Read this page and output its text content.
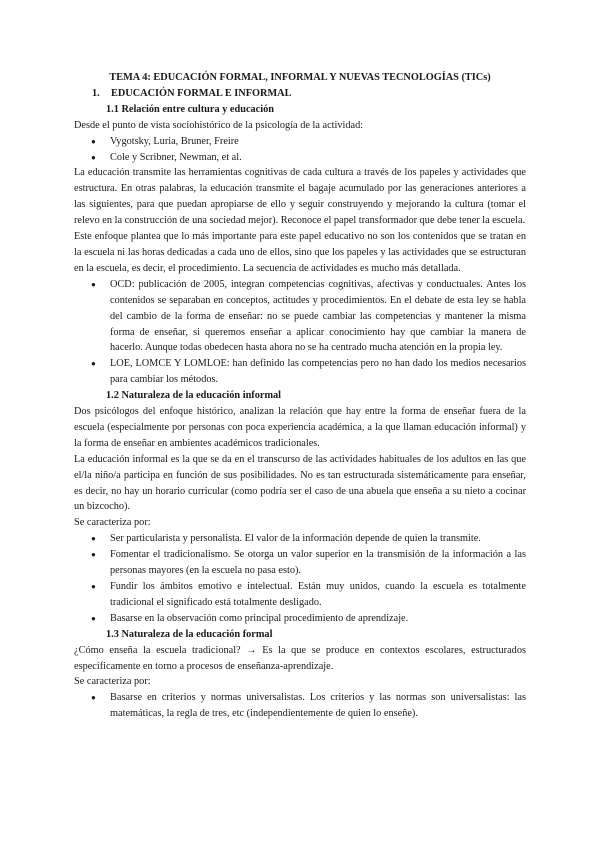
TEMA 4: EDUCACIÓN FORMAL, INFORMAL Y NUEVAS TECNOLOGÍAS (TICs)

1. EDUCACIÓN FORMAL E INFORMAL

1.1 Relación entre cultura y educación

Desde el punto de vista sociohistórico de la psicología de la actividad:

● Vygotsky, Luria, Bruner, Freire
● Cole y Scribner, Newman, et al.

La educación transmite las herramientas cognitivas de cada cultura a través de los papeles y actividades que estructura. En otras palabras, la educación transmite el bagaje acumulado por las generaciones anteriores a las siguientes, para que puedan apropiarse de ello y seguir construyendo y mejorando la cultura (tomar el relevo en la construcción de una sociedad mejor). Reconoce el papel transformador que debe tener la escuela.

Este enfoque plantea que lo más importante para este papel educativo no son los contenidos que se tratan en la escuela ni las horas dedicadas a cada uno de ellos, sino que los papeles y las actividades que se estructuran en la escuela, es decir, el procedimiento. La secuencia de actividades es mucho más detallada.

● OCD: publicación de 2005, integran competencias cognitivas, afectivas y conductuales. Antes los contenidos se separaban en conceptos, actitudes y procedimientos. En el debate de esta ley se habla del cambio de la forma de enseñar: no se puede cambiar las competencias y mantener la misma forma de enseñar, si queremos enseñar a aplicar conocimiento hay que cambiar la manera de hacerlo. Aunque todas obedecen hasta ahora no se ha centrado mucha atención en la propia ley.
● LOE, LOMCE Y LOMLOE: han definido las competencias pero no han dado los medios necesarios para cambiar los métodos.

1.2 Naturaleza de la educación informal

Dos psicólogos del enfoque histórico, analizan la relación que hay entre la forma de enseñar fuera de la escuela (especialmente por personas con poca experiencia académica, a la que llaman educación informal) y la forma de enseñar en ambientes académicos tradicionales.

La educación informal es la que se da en el transcurso de las actividades habituales de los adultos en las que el/la niño/a participa en función de sus posibilidades. No es tan estructurada sistemáticamente para enseñar, es decir, no hay un horario curricular (como podría ser el caso de una abuela que enseña a su nieto a cocinar un bizcocho).

Se caracteriza por:

● Ser particularista y personalista. El valor de la información depende de quien la transmite.
● Fomentar el tradicionalismo. Se otorga un valor superior en la transmisión de la información a las personas mayores (en la escuela no pasa esto).
● Fundir los ámbitos emotivo e intelectual. Están muy unidos, cuando la escuela es totalmente tradicional el significado está totalmente desligado.
● Basarse en la observación como principal procedimiento de aprendizaje.

1.3 Naturaleza de la educación formal

¿Cómo enseña la escuela tradicional? → Es la que se produce en contextos escolares, estructurados específicamente en torno a procesos de enseñanza-aprendizaje.

Se caracteriza por:

● Basarse en criterios y normas universalistas. Los criterios y las normas son universalistas: las matemáticas, la regla de tres, etc (independientemente de quien lo enseñe).
